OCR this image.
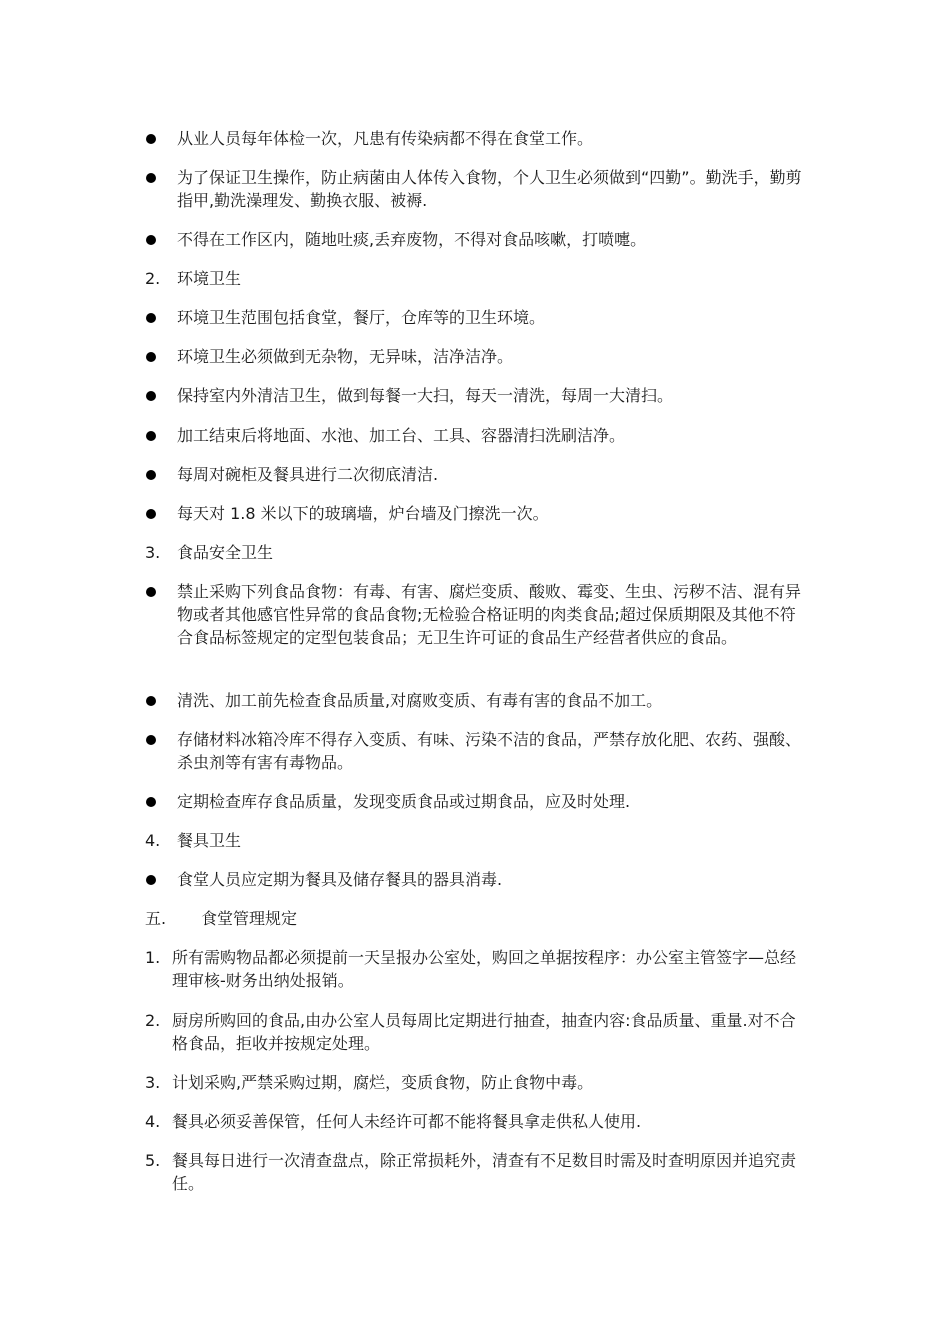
从业人员每年体检一次，凡患有传染病都不得在食堂工作。
为了保证卫生操作，防止病菌由人体传入食物，个人卫生必须做到“四勤”。勤洗手，勤剪指甲,勤洗澡理发、勤换衣服、被褥.
不得在工作区内，随地吐痰,丢弃废物，不得对食品咳嗽，打喷嚏。
2. 环境卫生
环境卫生范围包括食堂，餐厅，仓库等的卫生环境。
环境卫生必须做到无杂物，无异味，洁净洁净。
保持室内外清洁卫生，做到每餐一大扫，每天一清洗，每周一大清扫。
加工结束后将地面、水池、加工台、工具、容器清扫洗刷洁净。
每周对碗柜及餐具进行二次彻底清洁.
每天对 1.8 米以下的玻璃墙，炉台墙及门擦洗一次。
3. 食品安全卫生
禁止采购下列食品食物：有毒、有害、腐烂变质、酸败、霉变、生虫、污秽不洁、混有异物或者其他感官性异常的食品食物;无检验合格证明的肉类食品;超过保质期限及其他不符合食品标签规定的定型包装食品；无卫生许可证的食品生产经营者供应的食品。
清洗、加工前先检查食品质量,对腐败变质、有毒有害的食品不加工。
存储材料冰箱冷库不得存入变质、有味、污染不洁的食品，严禁存放化肥、农药、强酸、杀虫剂等有害有毒物品。
定期检查库存食品质量，发现变质食品或过期食品，应及时处理.
4. 餐具卫生
食堂人员应定期为餐具及储存餐具的器具消毒.
五. 食堂管理规定
1. 所有需购物品都必须提前一天呈报办公室处，购回之单据按程序：办公室主管签字—总经理审核-财务出纳处报销。
2. 厨房所购回的食品,由办公室人员每周比定期进行抽查，抽查内容:食品质量、重量.对不合格食品，拒收并按规定处理。
3. 计划采购,严禁采购过期，腐烂，变质食物，防止食物中毒。
4. 餐具必须妥善保管，任何人未经许可都不能将餐具拿走供私人使用.
5. 餐具每日进行一次清查盘点，除正常损耗外，清查有不足数目时需及时查明原因并追究责任。
